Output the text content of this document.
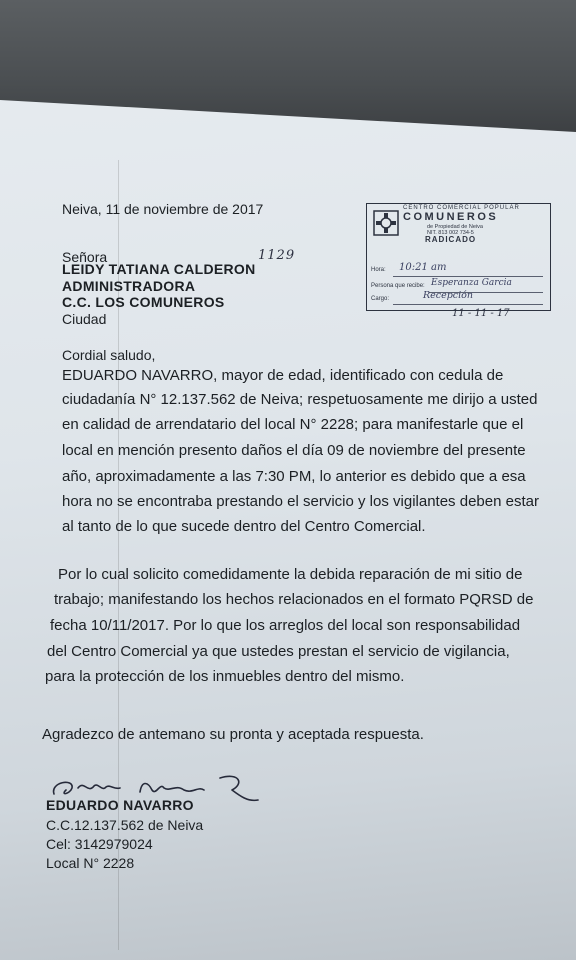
Neiva, 11 de noviembre de 2017
Señora
LEIDY TATIANA CALDERON
ADMINISTRADORA
C.C. LOS COMUNEROS
Ciudad
1129
CENTRO COMERCIAL POPULAR
COMUNEROS
de Propiedad de Neiva
NIT. 813 002 734-5
RADICADO
Hora: 10:21 am
Persona que recibe: Esperanza Garcia
Cargo:	Recepción
11 - 11 - 17
Cordial saludo,
EDUARDO NAVARRO, mayor de edad, identificado con cedula de
ciudadanía N° 12.137.562 de Neiva; respetuosamente me dirijo a usted
en calidad de arrendatario del local N° 2228; para manifestarle que el
local en mención presento daños el día 09 de noviembre del presente
año, aproximadamente a las 7:30 PM, lo anterior es debido que a esa
hora no se encontraba prestando el servicio y los vigilantes deben estar
al tanto de lo que sucede dentro del Centro Comercial.
Por lo cual solicito comedidamente la debida reparación de mi sitio de
trabajo; manifestando los hechos relacionados en el formato PQRSD de
fecha 10/11/2017. Por lo que los arreglos del local son responsabilidad
del Centro Comercial ya que ustedes prestan el servicio de vigilancia,
para la protección de los inmuebles dentro del mismo.
Agradezco de antemano su pronta y aceptada respuesta.
EDUARDO NAVARRO
C.C.12.137.562 de Neiva
Cel: 3142979024
Local N° 2228
